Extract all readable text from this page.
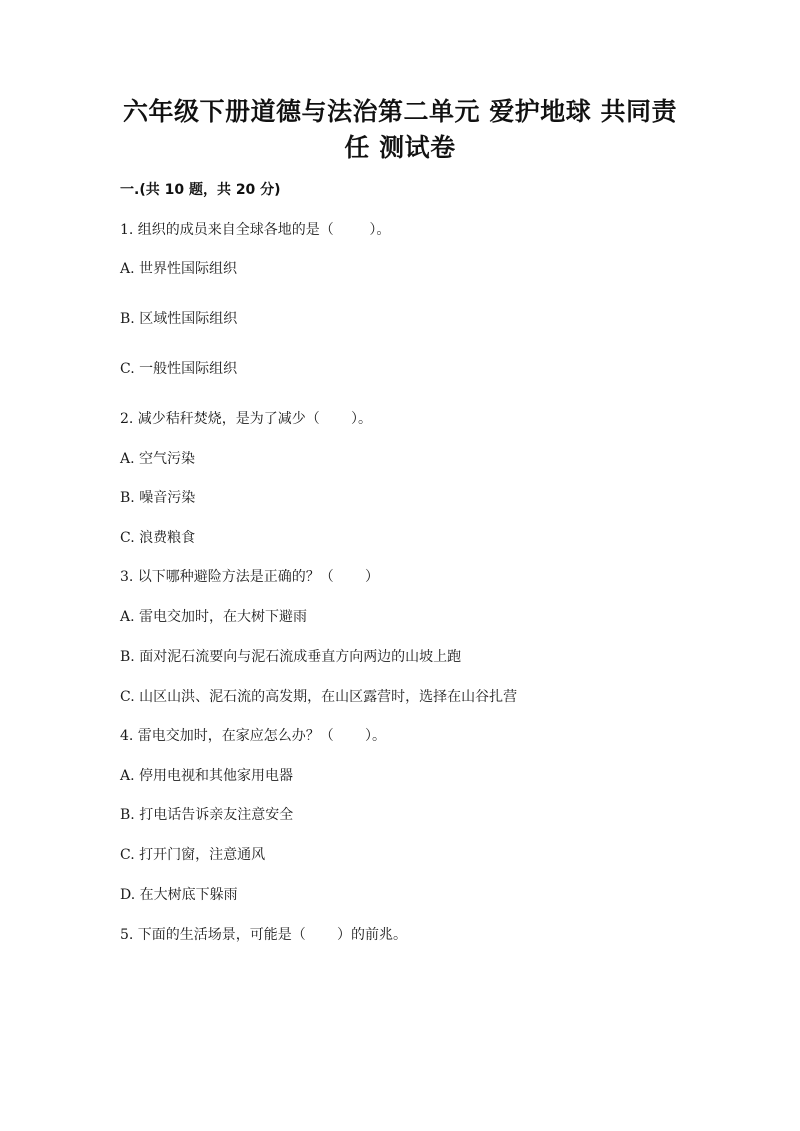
六年级下册道德与法治第二单元 爱护地球 共同责
任 测试卷
一.(共 10 题，共 20 分)
1. 组织的成员来自全球各地的是（        ）。
A. 世界性国际组织
B. 区域性国际组织
C. 一般性国际组织
2. 减少秸秆焚烧，是为了减少（       ）。
A. 空气污染
B. 噪音污染
C. 浪费粮食
3. 以下哪种避险方法是正确的？（       ）
A. 雷电交加时，在大树下避雨
B. 面对泥石流要向与泥石流成垂直方向两边的山坡上跑
C. 山区山洪、泥石流的高发期，在山区露营时，选择在山谷扎营
4. 雷电交加时，在家应怎么办？（       ）。
A. 停用电视和其他家用电器
B. 打电话告诉亲友注意安全
C. 打开门窗，注意通风
D. 在大树底下躲雨
5. 下面的生活场景，可能是（       ）的前兆。
